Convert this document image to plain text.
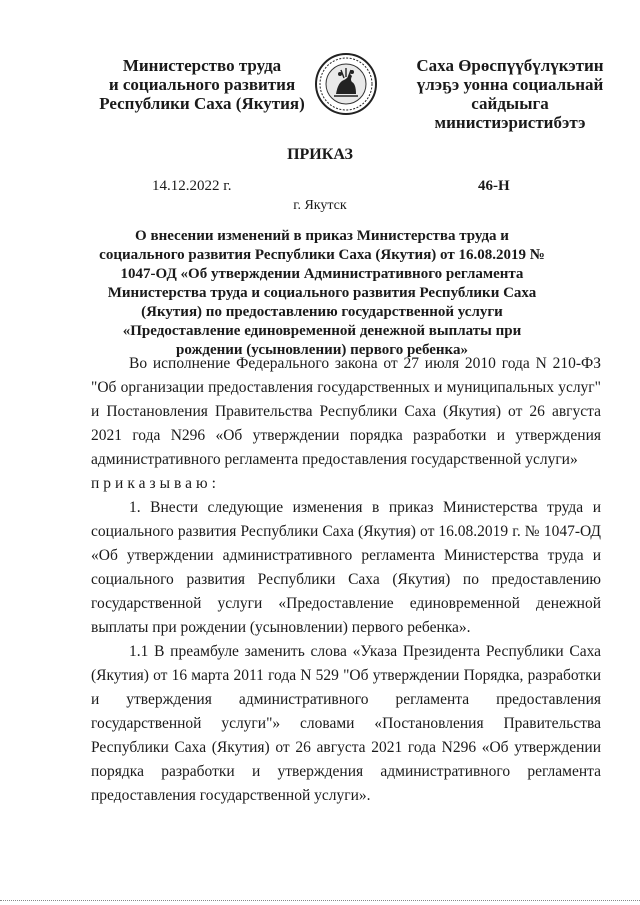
Министерство труда
и социального развития
Республики Саха (Якутия)
Саха Өрөспүүбүлүкэтин
үлэҕэ уонна социальнай
сайдыыга министиэристибэтэ
ПРИКАЗ
14.12.2022 г.	46-Н
г. Якутск
О внесении изменений в приказ Министерства труда и социального развития Республики Саха (Якутия) от 16.08.2019 № 1047-ОД «Об утверждении Административного регламента Министерства труда и социального развития Республики Саха (Якутия) по предоставлению государственной услуги «Предоставление единовременной денежной выплаты при рождении (усыновлении) первого ребенка»

Во исполнение Федерального закона от 27 июля 2010 года N 210-ФЗ "Об организации предоставления государственных и муниципальных услуг" и Постановления Правительства Республики Саха (Якутия) от 26 августа 2021 года N296 «Об утверждении порядка разработки и утверждения административного регламента предоставления государственной услуги»

приказываю:

1. Внести следующие изменения в приказ Министерства труда и социального развития Республики Саха (Якутия) от 16.08.2019 г. № 1047-ОД «Об утверждении административного регламента Министерства труда и социального развития Республики Саха (Якутия) по предоставлению государственной услуги «Предоставление единовременной денежной выплаты при рождении (усыновлении) первого ребенка».

1.1 В преамбуле заменить слова «Указа Президента Республики Саха (Якутия) от 16 марта 2011 года N 529 "Об утверждении Порядка, разработки и утверждения административного регламента предоставления государственной услуги"» словами «Постановления Правительства Республики Саха (Якутия) от 26 августа 2021 года N296 «Об утверждении порядка разработки и утверждения административного регламента предоставления государственной услуги».
